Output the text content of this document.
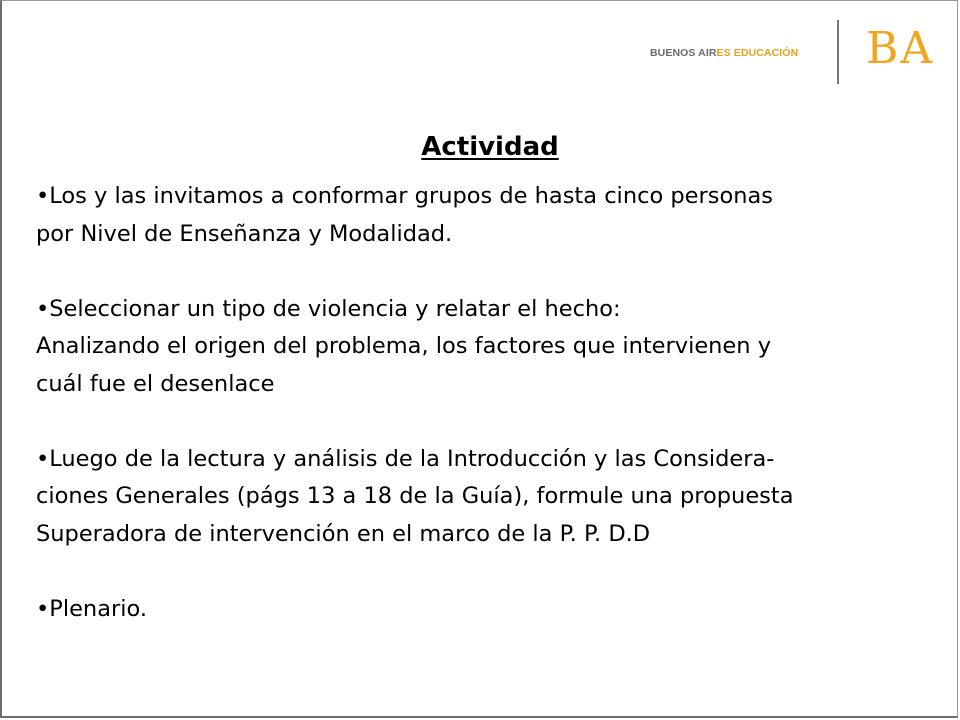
BUENOS AIRES EDUCACIÓN BA
Actividad
•Los y las invitamos a conformar grupos de hasta cinco personas
por Nivel de Enseñanza y Modalidad.
•Seleccionar un tipo de violencia y relatar el hecho:
Analizando el origen del problema, los factores que intervienen y
cuál fue el desenlace
•Luego de la lectura y análisis de la Introducción y las Considera-
ciones Generales (págs 13 a 18 de la Guía), formule una propuesta
Superadora de intervención en el marco de la P. P. D.D
•Plenario.
